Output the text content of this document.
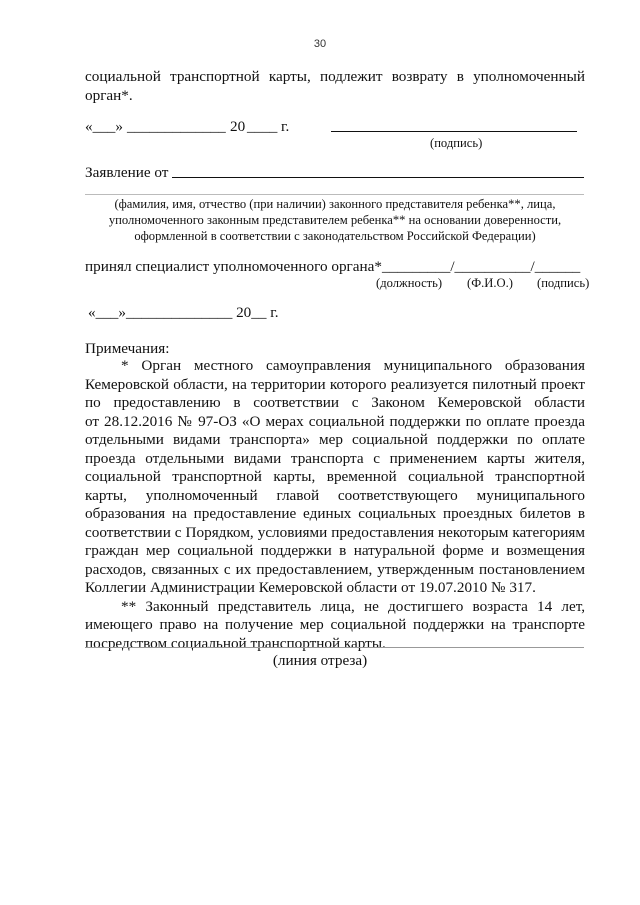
30
социальной транспортной карты, подлежит возврату в уполномоченный
орган*.
«___» _____________ 20 ____ г.
(подпись)
Заявление от
(фамилия, имя, отчество (при наличии) законного представителя ребенка**, лица,
уполномоченного законным представителем ребенка** на основании доверенности,
оформленной в соответствии с законодательством Российской Федерации)
принял специалист уполномоченного органа*_________/__________/______
(должность) (Ф.И.О.) (подпись)
«___»______________ 20__ г.
Примечания:
* Орган местного самоуправления муниципального образования
Кемеровской области, на территории которого реализуется пилотный проект
по предоставлению в соответствии с Законом Кемеровской области
от 28.12.2016 № 97-ОЗ «О мерах социальной поддержки по оплате проезда
отдельными видами транспорта» мер социальной поддержки по оплате
проезда отдельными видами транспорта с применением карты жителя,
социальной транспортной карты, временной социальной транспортной
карты, уполномоченный главой соответствующего муниципального
образования на предоставление единых социальных проездных билетов в
соответствии с Порядком, условиями предоставления некоторым категориям
граждан мер социальной поддержки в натуральной форме и возмещения
расходов, связанных с их предоставлением, утвержденным постановлением
Коллегии Администрации Кемеровской области от 19.07.2010 № 317.
** Законный представитель лица, не достигшего возраста 14 лет,
имеющего право на получение мер социальной поддержки на транспорте
посредством социальной транспортной карты.
(линия отреза)
